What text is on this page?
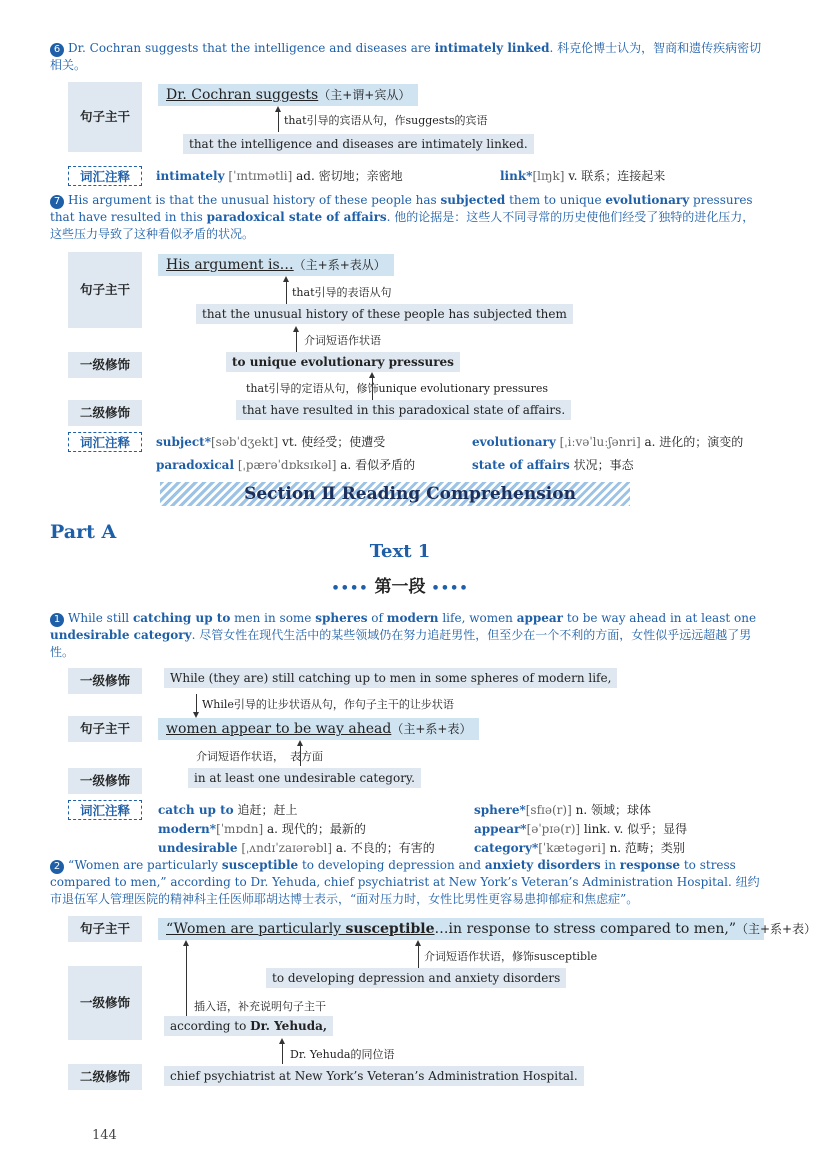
6 Dr. Cochran suggests that the intelligence and diseases are intimately linked. 科克伦博士认为，智商和遗传疾病密切相关。
句子主干
Dr. Cochran suggests（主+谓+宾从）
that引导的宾语从句，作suggests的宾语
that the intelligence and diseases are intimately linked.
词汇注释	intimately [ˈɪntɪmətli] ad. 密切地；亲密地	link*[lɪŋk] v. 联系；连接起来
7 His argument is that the unusual history of these people has subjected them to unique evolutionary pressures that have resulted in this paradoxical state of affairs. 他的论据是：这些人不同寻常的历史使他们经受了独特的进化压力，这些压力导致了这种看似矛盾的状况。
句子主干
His argument is…（主+系+表从）
that引导的表语从句
that the unusual history of these people has subjected them
介词短语作状语
一级修饰	to unique evolutionary pressures
that引导的定语从句，修饰unique evolutionary pressures
二级修饰	that have resulted in this paradoxical state of affairs.
词汇注释	subject*[səbˈdʒekt] vt. 使经受；使遭受	evolutionary [ˌiːvəˈluːʃənri] a. 进化的；演变的
paradoxical [ˌpærəˈdɒksɪkəl] a. 看似矛盾的	state of affairs 状况；事态
Section Ⅱ Reading Comprehension
Part A
Text 1
•••• 第一段 ••••
1 While still catching up to men in some spheres of modern life, women appear to be way ahead in at least one undesirable category. 尽管女性在现代生活中的某些领域仍在努力追赶男性，但至少在一个不利的方面，女性似乎远远超越了男性。
一级修饰	While (they are) still catching up to men in some spheres of modern life,
While引导的让步状语从句，作句子主干的让步状语
句子主干	women appear to be way ahead（主+系+表）
介词短语作状语， 表方面
一级修饰	in at least one undesirable category.
词汇注释	catch up to 追赶；赶上	sphere*[sfɪə(r)] n. 领域；球体
modern*[ˈmɒdn] a. 现代的；最新的	appear*[əˈpɪə(r)] link. v. 似乎；显得
undesirable [ˌʌndɪˈzaɪərəbl] a. 不良的；有害的	category*[ˈkætəgəri] n. 范畴；类别
2 “Women are particularly susceptible to developing depression and anxiety disorders in response to stress compared to men,” according to Dr. Yehuda, chief psychiatrist at New York’s Veteran’s Administration Hospital. 纽约市退伍军人管理医院的精神科主任医师耶胡达博士表示，“面对压力时，女性比男性更容易患抑郁症和焦虑症”。
句子主干	“Women are particularly susceptible…in response to stress compared to men,”（主+系+表）
介词短语作状语，修饰susceptible
to developing depression and anxiety disorders
一级修饰	插入语，补充说明句子主干
according to Dr. Yehuda,
Dr. Yehuda的同位语
二级修饰	chief psychiatrist at New York’s Veteran’s Administration Hospital.
144
